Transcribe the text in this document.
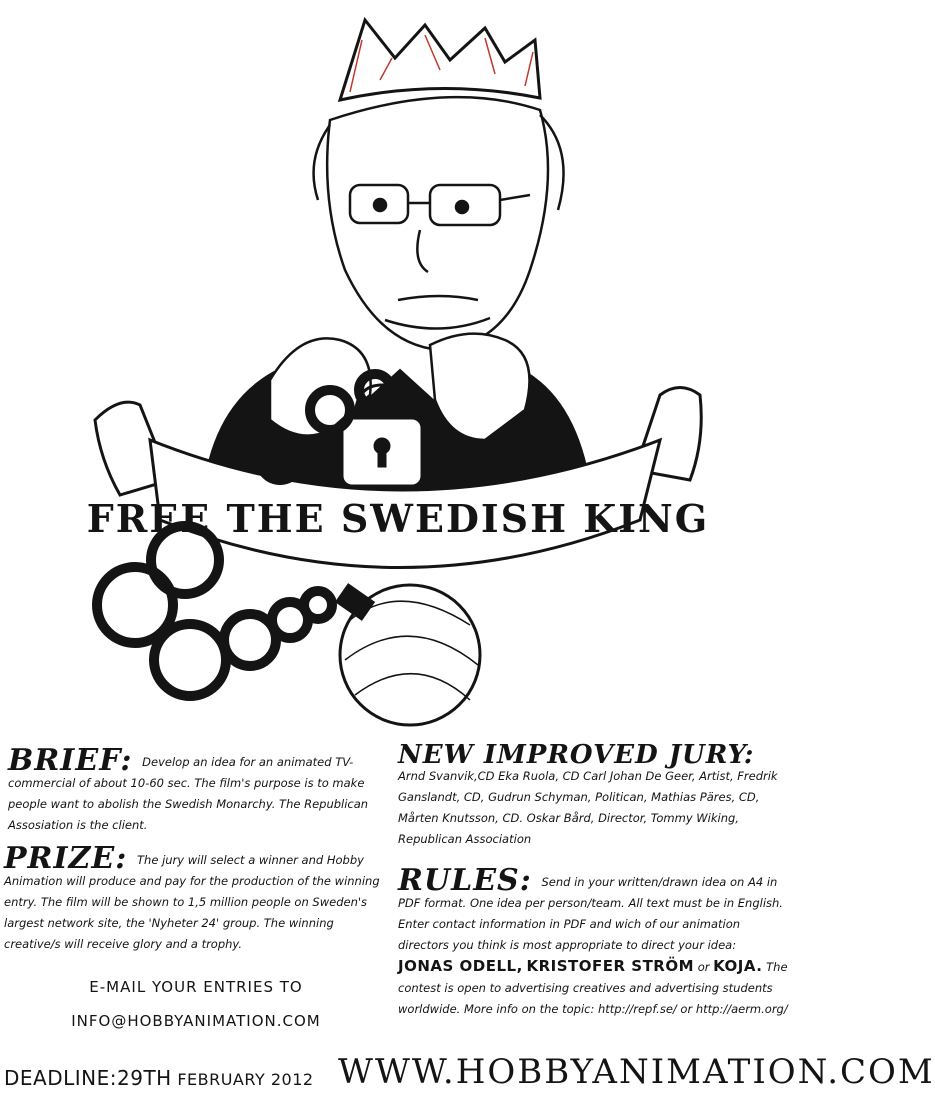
FREE THE SWEDISH KING
BRIEF: Develop an idea for an animated TV-commercial of about 10-60 sec. The film's purpose is to make people want to abolish the Swedish Monarchy. The Republican Assosiation is the client.
PRIZE: The jury will select a winner and Hobby Animation will produce and pay for the production of the winning entry. The film will be shown to 1,5 million people on Sweden's largest network site, the 'Nyheter 24' group. The winning creative/s will receive glory and a trophy.
NEW IMPROVED JURY: Arnd Svanvik,CD Eka Ruola, CD Carl Johan De Geer, Artist, Fredrik Ganslandt, CD, Gudrun Schyman, Politican, Mathias Päres, CD, Mårten Knutsson, CD. Oskar Bård, Director, Tommy Wiking, Republican Association
RULES: Send in your written/drawn idea on A4 in PDF format. One idea per person/team. All text must be in English. Enter contact information in PDF and wich of our animation directors you think is most appropriate to direct your idea: JONAS ODELL, KRISTOFER STRÖM or KOJA. The contest is open to advertising creatives and advertising students worldwide. More info on the topic: http://repf.se/ or http://aerm.org/
E-MAIL YOUR ENTRIES TO
INFO@HOBBYANIMATION.COM
DEADLINE:29TH FEBRUARY 2012 WWW.HOBBYANIMATION.COM
